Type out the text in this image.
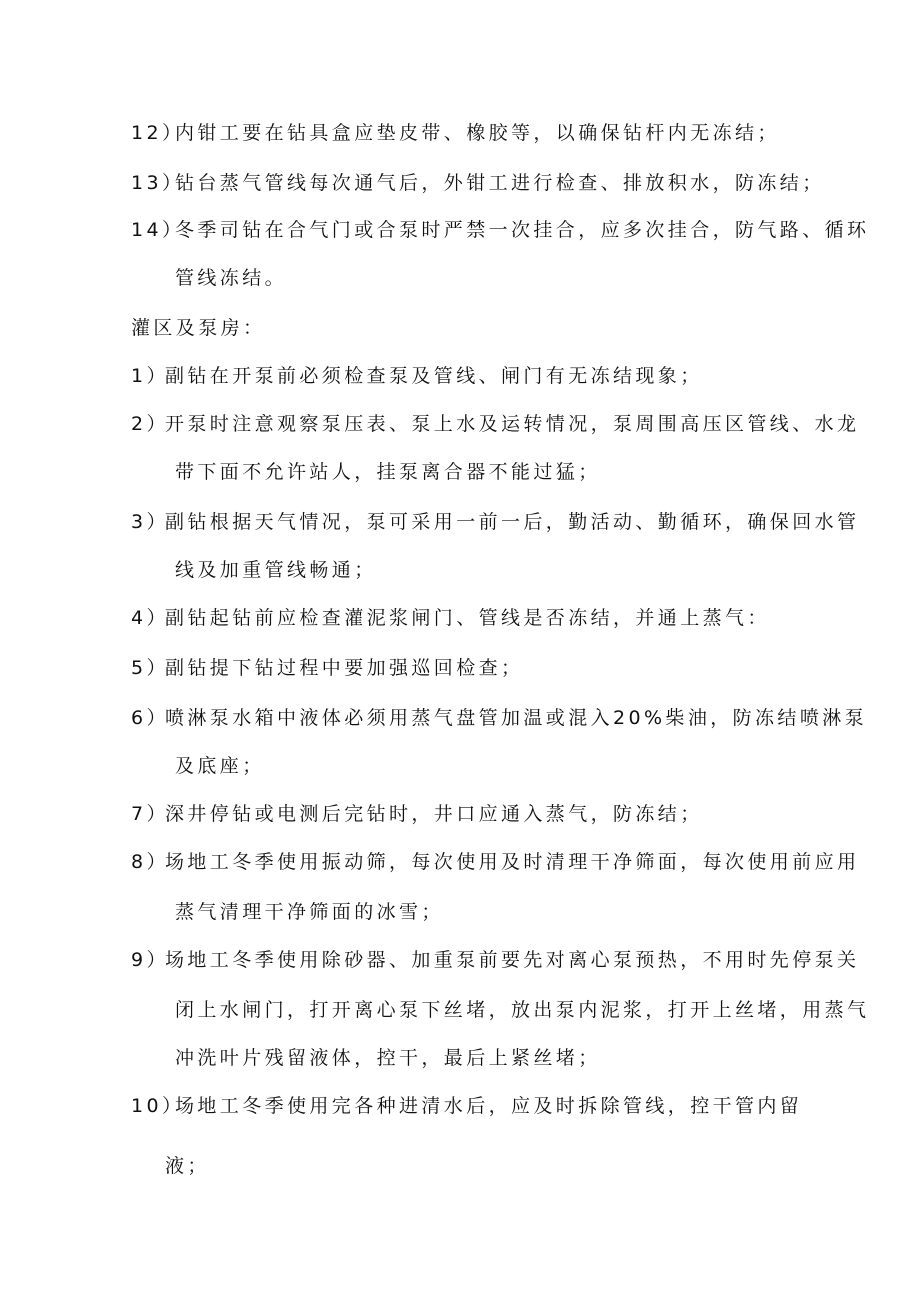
12）
内钳工要在钻具盒应垫皮带、橡胶等，以确保钻杆内无冻结；
13）
钻台蒸气管线每次通气后，外钳工进行检查、排放积水，防冻结；
14）
冬季司钻在合气门或合泵时严禁一次挂合，应多次挂合，防气路、循环
管线冻结。
灌区及泵房：
1）
副钻在开泵前必须检查泵及管线、闸门有无冻结现象；
2）
开泵时注意观察泵压表、泵上水及运转情况，泵周围高压区管线、水龙
带下面不允许站人，挂泵离合器不能过猛；
3）
副钻根据天气情况，泵可采用一前一后，勤活动、勤循环，确保回水管
线及加重管线畅通；
4）
副钻起钻前应检查灌泥浆闸门、管线是否冻结，并通上蒸气：
5）
副钻提下钻过程中要加强巡回检查；
6）
喷淋泵水箱中液体必须用蒸气盘管加温或混入20%柴油，防冻结喷淋泵
及底座；
7）
深井停钻或电测后完钻时，井口应通入蒸气，防冻结；
8）
场地工冬季使用振动筛，每次使用及时清理干净筛面，每次使用前应用
蒸气清理干净筛面的冰雪；
9）
场地工冬季使用除砂器、加重泵前要先对离心泵预热，不用时先停泵关
闭上水闸门，打开离心泵下丝堵，放出泵内泥浆，打开上丝堵，用蒸气
冲洗叶片残留液体，控干，最后上紧丝堵；
10）
场地工冬季使用完各种进清水后，应及时拆除管线，控干管内留
液；
